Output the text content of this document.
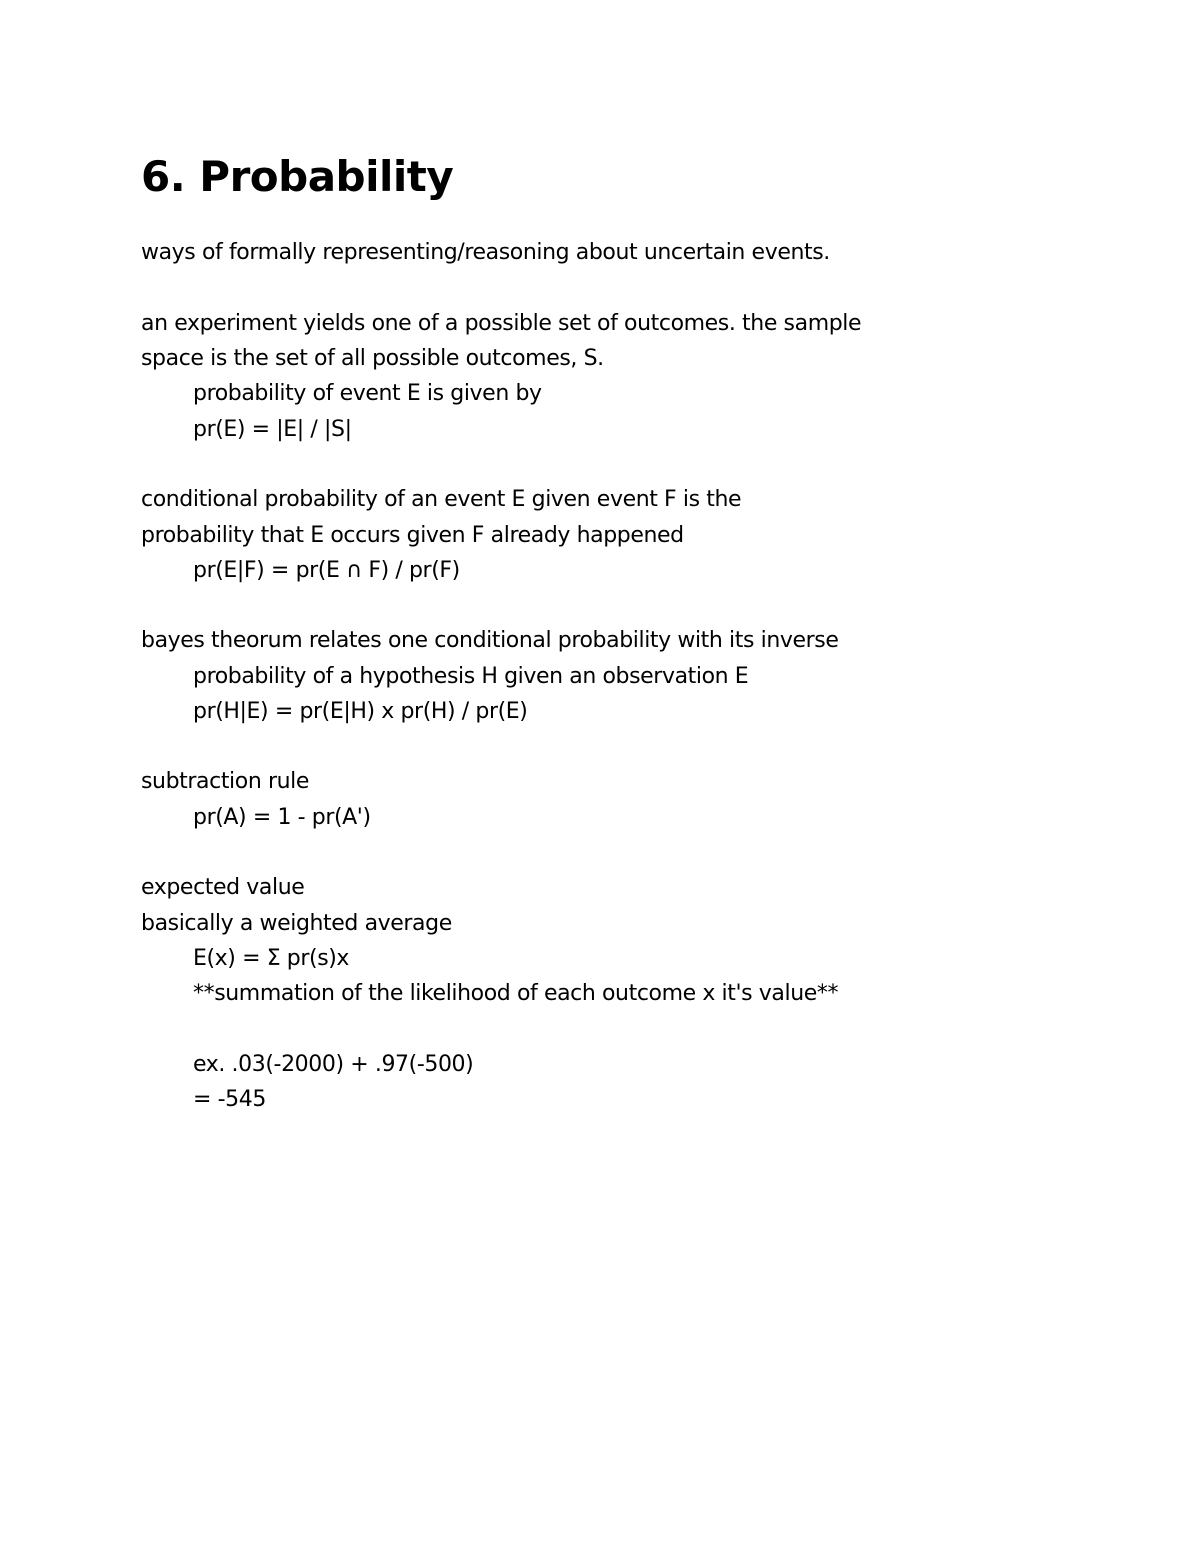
6. Probability

ways of formally representing/reasoning about uncertain events.

an experiment yields one of a possible set of outcomes. the sample

space is the set of all possible outcomes, S.

probability of event E is given by

pr(E) = |E| / |S|

conditional probability of an event E given event F is the

probability that E occurs given F already happened

pr(E|F) = pr(E ∩ F) / pr(F)

bayes theorum relates one conditional probability with its inverse

probability of a hypothesis H given an observation E

pr(H|E) = pr(E|H) x pr(H) / pr(E)

subtraction rule

pr(A) = 1 - pr(A')

expected value

basically a weighted average

E(x) = Σ pr(s)x

**summation of the likelihood of each outcome x it's value**

ex. .03(-2000) + .97(-500)

= -545
